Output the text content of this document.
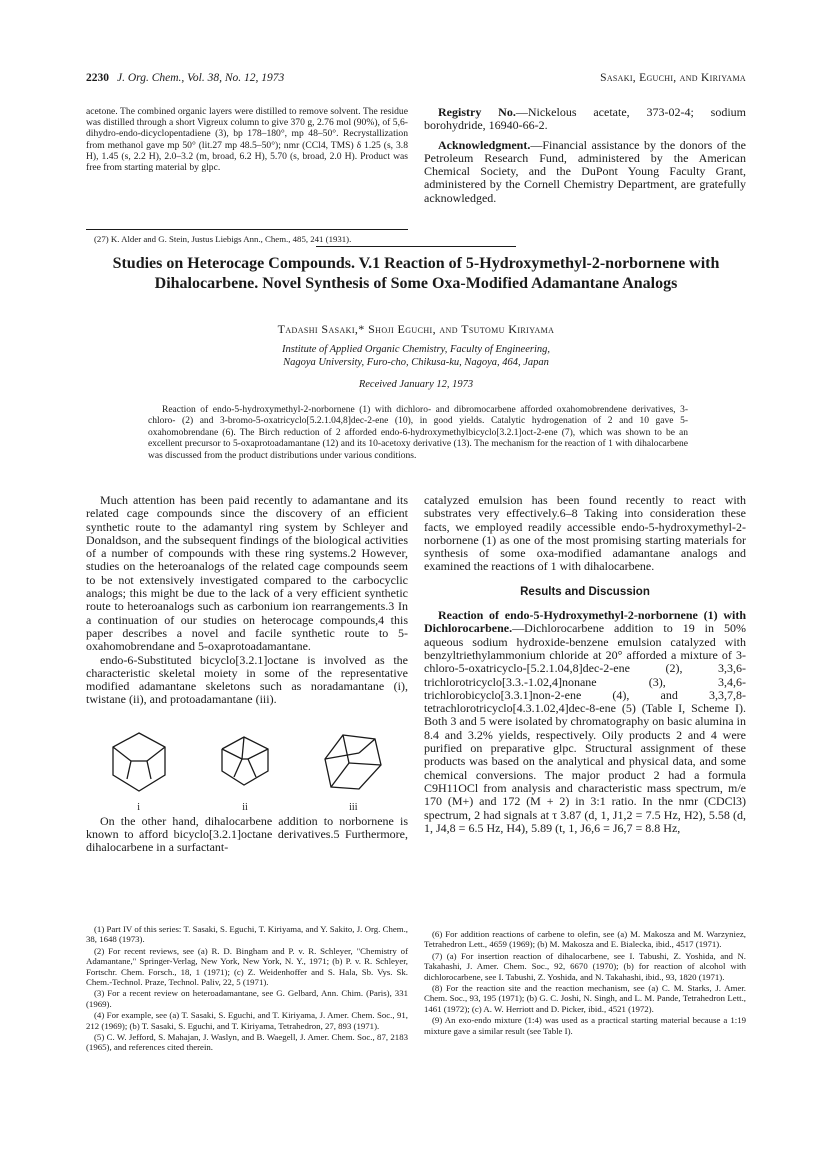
2230 J. Org. Chem., Vol. 38, No. 12, 1973	Sasaki, Eguchi, and Kiriyama

acetone. The combined organic layers were distilled to remove solvent. The residue was distilled through a short Vigreux column to give 370 g, 2.76 mol (90%), of 5,6-dihydro-endo-dicyclopentadiene (3), bp 178–180°, mp 48–50°. Recrystallization from methanol gave mp 50° (lit.27 mp 48.5–50°); nmr (CCl4, TMS) δ 1.25 (s, 3.8 H), 1.45 (s, 2.2 H), 2.0–3.2 (m, broad, 6.2 H), 5.70 (s, broad, 2.0 H). Product was free from starting material by glpc.

(27) K. Alder and G. Stein, Justus Liebigs Ann., Chem., 485, 241 (1931).

Registry No.—Nickelous acetate, 373-02-4; sodium borohydride, 16940-66-2.

Acknowledgment.—Financial assistance by the donors of the Petroleum Research Fund, administered by the American Chemical Society, and the DuPont Young Faculty Grant, administered by the Cornell Chemistry Department, are gratefully acknowledged.

Studies on Heterocage Compounds. V.1 Reaction of 5-Hydroxymethyl-2-norbornene with Dihalocarbene. Novel Synthesis of Some Oxa-Modified Adamantane Analogs
Tadashi Sasaki,* Shoji Eguchi, and Tsutomu Kiriyama
Institute of Applied Organic Chemistry, Faculty of Engineering,
Nagoya University, Furo-cho, Chikusa-ku, Nagoya, 464, Japan
Received January 12, 1973
Reaction of endo-5-hydroxymethyl-2-norbornene (1) with dichloro- and dibromocarbene afforded oxahomobrendene derivatives, 3-chloro- (2) and 3-bromo-5-oxatricyclo[5.2.1.04,8]dec-2-ene (10), in good yields. Catalytic hydrogenation of 2 and 10 gave 5-oxahomobrendane (6). The Birch reduction of 2 afforded endo-6-hydroxymethylbicyclo[3.2.1]oct-2-ene (7), which was shown to be an excellent precursor to 5-oxaprotoadamantane (12) and its 10-acetoxy derivative (13). The mechanism for the reaction of 1 with dihalocarbene was discussed from the product distributions under various conditions.

Much attention has been paid recently to adamantane and its related cage compounds since the discovery of an efficient synthetic route to the adamantyl ring system by Schleyer and Donaldson, and the subsequent findings of the biological activities of a number of compounds with these ring systems.2 However, studies on the heteroanalogs of the related cage compounds seem to be not extensively investigated compared to the carbocyclic analogs; this might be due to the lack of a very efficient synthetic route to heteroanalogs such as carbonium ion rearrangements.3 In a continuation of our studies on heterocage compounds,4 this paper describes a novel and facile synthetic route to 5-oxahomobrendane and 5-oxaprotoadamantane.

endo-6-Substituted bicyclo[3.2.1]octane is involved as the characteristic skeletal moiety in some of the representative modified adamantane skeletons such as noradamantane (i), twistane (ii), and protoadamantane (iii).

i	ii	iii

On the other hand, dihalocarbene addition to norbornene is known to afford bicyclo[3.2.1]octane derivatives.5 Furthermore, dihalocarbene in a surfactant-

catalyzed emulsion has been found recently to react with substrates very effectively.6–8 Taking into consideration these facts, we employed readily accessible endo-5-hydroxymethyl-2-norbornene (1) as one of the most promising starting materials for synthesis of some oxa-modified adamantane analogs and examined the reactions of 1 with dihalocarbene.

Results and Discussion

Reaction of endo-5-Hydroxymethyl-2-norbornene (1) with Dichlorocarbene.—Dichlorocarbene addition to 19 in 50% aqueous sodium hydroxide-benzene emulsion catalyzed with benzyltriethylammonium chloride at 20° afforded a mixture of 3-chloro-5-oxatricyclo-[5.2.1.04,8]dec-2-ene (2), 3,3,6-trichlorotricyclo[3.3.-1.02,4]nonane (3), 3,4,6-trichlorobicyclo[3.3.1]non-2-ene (4), and 3,3,7,8-tetrachlorotricyclo[4.3.1.02,4]dec-8-ene (5) (Table I, Scheme I). Both 3 and 5 were isolated by chromatography on basic alumina in 8.4 and 3.2% yields, respectively. Oily products 2 and 4 were purified on preparative glpc. Structural assignment of these products was based on the analytical and physical data, and some chemical conversions. The major product 2 had a formula C9H11OCl from analysis and characteristic mass spectrum, m/e 170 (M+) and 172 (M + 2) in 3:1 ratio. In the nmr (CDCl3) spectrum, 2 had signals at τ 3.87 (d, 1, J1,2 = 7.5 Hz, H2), 5.58 (d, 1, J4,8 = 6.5 Hz, H4), 5.89 (t, 1, J6,6 = J6,7 = 8.8 Hz,

(1) Part IV of this series: T. Sasaki, S. Eguchi, T. Kiriyama, and Y. Sakito, J. Org. Chem., 38, 1648 (1973).

(2) For recent reviews, see (a) R. D. Bingham and P. v. R. Schleyer, "Chemistry of Adamantane," Springer-Verlag, New York, New York, N. Y., 1971; (b) P. v. R. Schleyer, Fortschr. Chem. Forsch., 18, 1 (1971); (c) Z. Weidenhoffer and S. Hala, Sb. Vys. Sk. Chem.-Technol. Praze, Technol. Paliv, 22, 5 (1971).

(3) For a recent review on heteroadamantane, see G. Gelbard, Ann. Chim. (Paris), 331 (1969).

(4) For example, see (a) T. Sasaki, S. Eguchi, and T. Kiriyama, J. Amer. Chem. Soc., 91, 212 (1969); (b) T. Sasaki, S. Eguchi, and T. Kiriyama, Tetrahedron, 27, 893 (1971).

(5) C. W. Jefford, S. Mahajan, J. Waslyn, and B. Waegell, J. Amer. Chem. Soc., 87, 2183 (1965), and references cited therein.

(6) For addition reactions of carbene to olefin, see (a) M. Makosza and M. Warzyniez, Tetrahedron Lett., 4659 (1969); (b) M. Makosza and E. Bialecka, ibid., 4517 (1971).

(7) (a) For insertion reaction of dihalocarbene, see I. Tabushi, Z. Yoshida, and N. Takahashi, J. Amer. Chem. Soc., 92, 6670 (1970); (b) for reaction of alcohol with dichlorocarbene, see I. Tabushi, Z. Yoshida, and N. Takahashi, ibid., 93, 1820 (1971).

(8) For the reaction site and the reaction mechanism, see (a) C. M. Starks, J. Amer. Chem. Soc., 93, 195 (1971); (b) G. C. Joshi, N. Singh, and L. M. Pande, Tetrahedron Lett., 1461 (1972); (c) A. W. Herriott and D. Picker, ibid., 4521 (1972).

(9) An exo-endo mixture (1:4) was used as a practical starting material because a 1:19 mixture gave a similar result (see Table I).
